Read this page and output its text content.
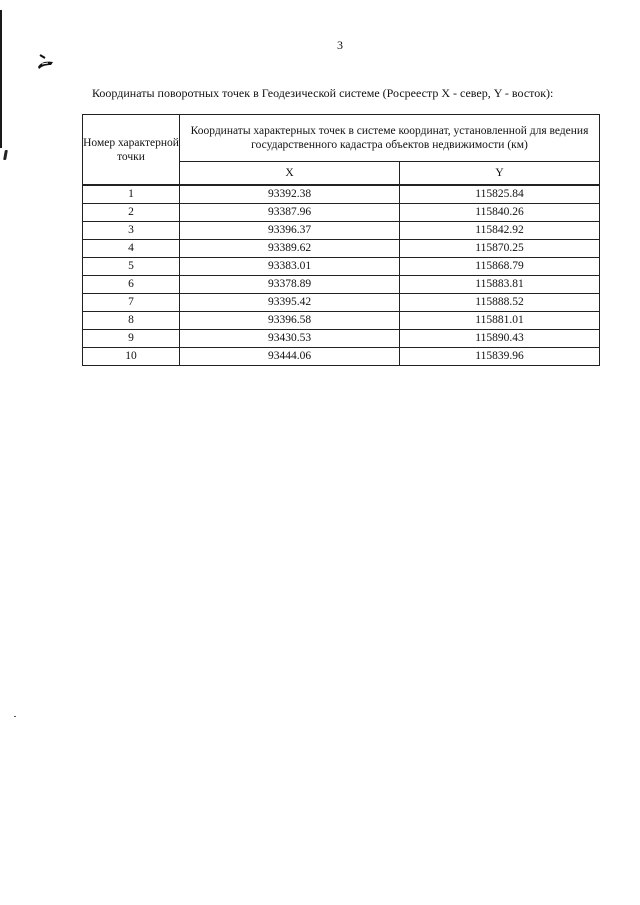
3
Координаты поворотных точек в Геодезической системе (Росреестр X - север, Y - восток):
Номер характерной точки	Координаты характерных точек в системе координат, установленной для ведения государственного кадастра объектов недвижимости (км)	
	X	Y
1	93392.38	115825.84
2	93387.96	115840.26
3	93396.37	115842.92
4	93389.62	115870.25
5	93383.01	115868.79
6	93378.89	115883.81
7	93395.42	115888.52
8	93396.58	115881.01
9	93430.53	115890.43
10	93444.06	115839.96
